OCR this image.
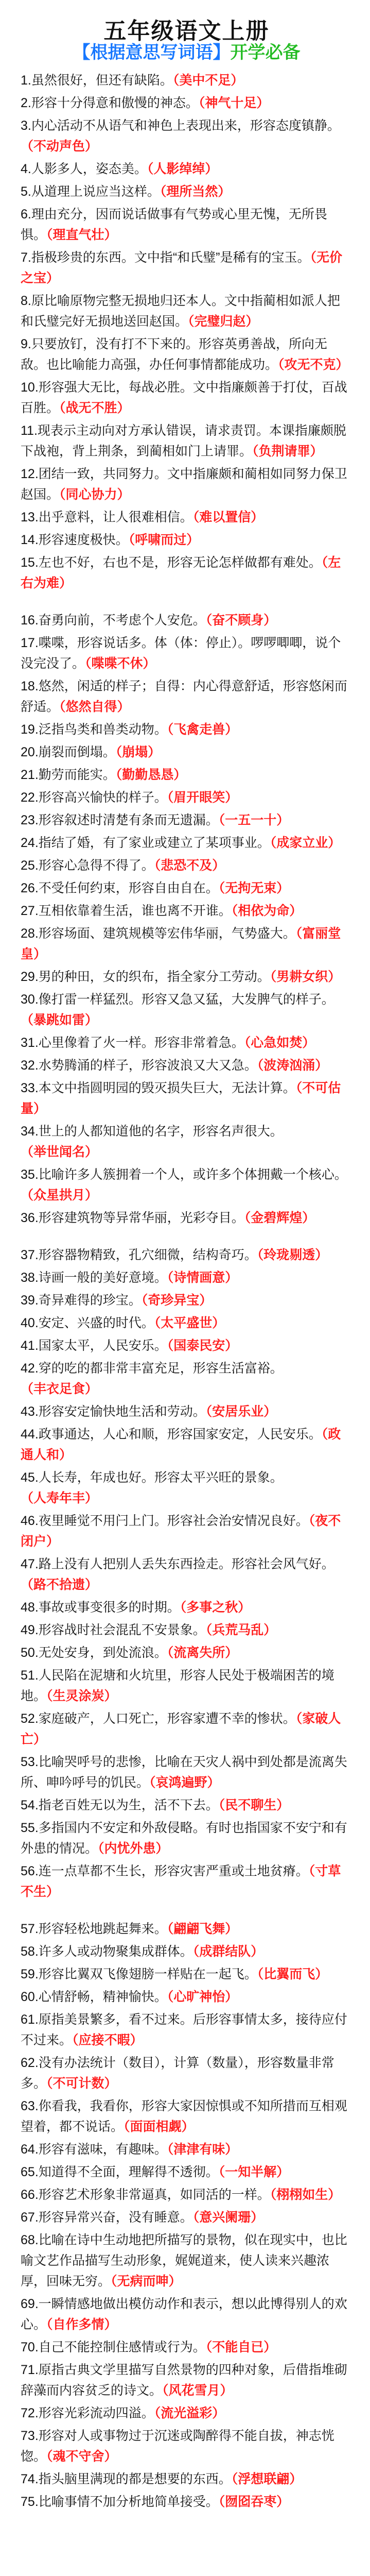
五年级语文上册
【根据意思写词语】开学必备
1.虽然很好，但还有缺陷。（美中不足）
2.形容十分得意和傲慢的神态。（神气十足）
3.内心活动不从语气和神色上表现出来，形容态度镇静。（不动声色）
4.人影多人，姿态美。（人影绰绰）
5.从道理上说应当这样。（理所当然）
6.理由充分，因而说话做事有气势或心里无愧，无所畏惧。（理直气壮）
7.指极珍贵的东西。文中指“和氏璧”是稀有的宝玉。（无价之宝）
8.原比喻原物完整无损地归还本人。文中指蔺相如派人把和氏璧完好无损地送回赵国。（完璧归赵）
9.只要放钉，没有打不下来的。形容英勇善战，所向无敌。也比喻能力高强，办任何事情都能成功。（攻无不克）
10.形容强大无比，每战必胜。文中指廉颇善于打仗，百战百胜。（战无不胜）
11.现表示主动向对方承认错误，请求责罚。本课指廉颇脱下战袍，背上荆条，到蔺相如门上请罪。（负荆请罪）
12.团结一致，共同努力。文中指廉颇和蔺相如同努力保卫赵国。（同心协力）
13.出乎意料，让人很难相信。（难以置信）
14.形容速度极快。（呼啸而过）
15.左也不好，右也不是，形容无论怎样做都有难处。（左右为难）
16.奋勇向前，不考虑个人安危。（奋不顾身）
17.喋喋，形容说话多。体（体：停止）。啰啰唧唧，说个没完没了。（喋喋不休）
18.悠然，闲适的样子；自得：内心得意舒适，形容悠闲而舒适。（悠然自得）
19.泛指鸟类和兽类动物。（飞禽走兽）
20.崩裂而倒塌。（崩塌）
21.勤劳而能实。（勤勤恳恳）
22.形容高兴愉快的样子。（眉开眼笑）
23.形容叙述时清楚有条而无遗漏。（一五一十）
24.指结了婚，有了家业或建立了某项事业。（成家立业）
25.形容心急得不得了。（悲恐不及）
26.不受任何约束，形容自由自在。（无拘无束）
27.互相依靠着生活，谁也离不开谁。（相依为命）
28.形容场面、建筑规模等宏伟华丽，气势盛大。（富丽堂皇）
29.男的种田，女的织布，指全家分工劳动。（男耕女织）
30.像打雷一样猛烈。形容又急又猛，大发脾气的样子。（暴跳如雷）
31.心里像着了火一样。形容非常着急。（心急如焚）
32.水势腾涌的样子，形容波浪又大又急。（波涛汹涌）
33.本文中指圆明园的毁灭损失巨大，无法计算。（不可估量）
34.世上的人都知道他的名字，形容名声很大。（举世闻名）
35.比喻许多人簇拥着一个人，或许多个体拥戴一个核心。（众星拱月）
36.形容建筑物等异常华丽，光彩夺目。（金碧辉煌）
37.形容器物精致，孔穴细微，结构奇巧。（玲珑剔透）
38.诗画一般的美好意境。（诗情画意）
39.奇异难得的珍宝。（奇珍异宝）
40.安定、兴盛的时代。（太平盛世）
41.国家太平，人民安乐。（国泰民安）
42.穿的吃的都非常丰富充足，形容生活富裕。（丰衣足食）
43.形容安定愉快地生活和劳动。（安居乐业）
44.政事通达，人心和顺，形容国家安定，人民安乐。（政通人和）
45.人长寿，年成也好。形容太平兴旺的景象。（人寿年丰）
46.夜里睡觉不用闩上门。形容社会治安情况良好。（夜不闭户）
47.路上没有人把别人丢失东西捡走。形容社会风气好。（路不拾遗）
48.事故或事变很多的时期。（多事之秋）
49.形容战时社会混乱不安景象。（兵荒马乱）
50.无处安身，到处流浪。（流离失所）
51.人民陷在泥塘和火坑里，形容人民处于极端困苦的境地。（生灵涂炭）
52.家庭破产，人口死亡，形容家遭不幸的惨状。（家破人亡）
53.比喻哭呼号的悲惨，比喻在天灾人祸中到处都是流离失所、呻吟呼号的饥民。（哀鸿遍野）
54.指老百姓无以为生，活不下去。（民不聊生）
55.多指国内不安定和外敌侵略。有时也指国家不安宁和有外患的情况。（内忧外患）
56.连一点草都不生长，形容灾害严重或土地贫瘠。（寸草不生）
57.形容轻松地跳起舞来。（翩翩飞舞）
58.许多人或动物聚集成群体。（成群结队）
59.形容比翼双飞像翅膀一样贴在一起飞。（比翼而飞）
60.心情舒畅，精神愉快。（心旷神怡）
61.原指美景繁多，看不过来。后形容事情太多，接待应付不过来。（应接不暇）
62.没有办法统计（数目），计算（数量），形容数量非常多。（不可计数）
63.你看我，我看你，形容大家因惊惧或不知所措而互相观望着，都不说话。（面面相觑）
64.形容有滋味，有趣味。（津津有味）
65.知道得不全面，理解得不透彻。（一知半解）
66.形容艺术形象非常逼真，如同活的一样。（栩栩如生）
67.形容异常兴奋，没有睡意。（意兴阑珊）
68.比喻在诗中生动地把所描写的景物，似在现实中，也比喻文艺作品描写生动形象，娓娓道来，使人读来兴趣浓厚，回味无穷。（无病而呻）
69.一瞬情感地做出模仿动作和表示，想以此博得别人的欢心。（自作多情）
70.自己不能控制住感情或行为。（不能自已）
71.原指古典文学里描写自然景物的四种对象，后借指堆砌辞藻而内容贫乏的诗文。（风花雪月）
72.形容光彩流动四溢。（流光溢彩）
73.形容对人或事物过于沉迷或陶醉得不能自拔，神志恍惚。（魂不守舍）
74.指头脑里满现的都是想要的东西。（浮想联翩）
75.比喻事情不加分析地简单接受。（囫囵吞枣）
